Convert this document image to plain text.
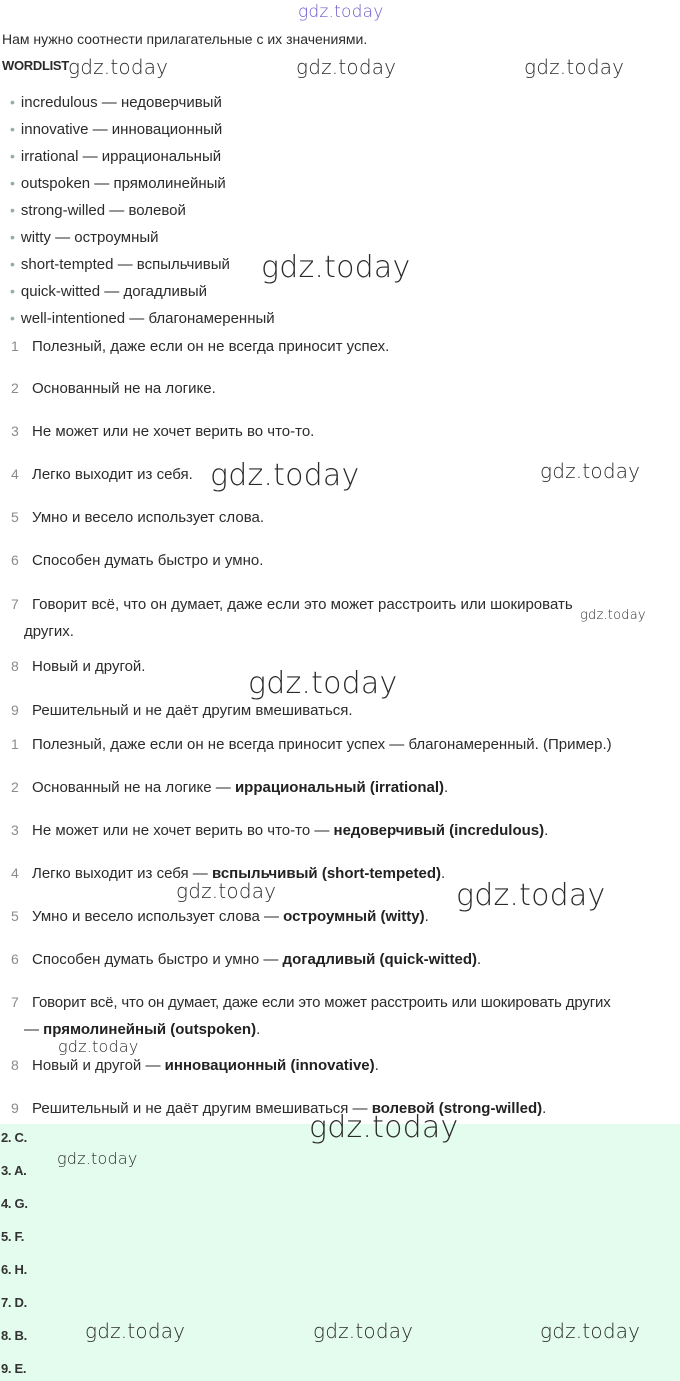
gdz.today
Нам нужно соотнести прилагательные с их значениями.
WORDLIST
• incredulous — недоверчивый
• innovative — инновационный
• irrational — иррациональный
• outspoken — прямолинейный
• strong-willed — волевой
• witty — остроумный
• short-tempted — вспыльчивый
• quick-witted — догадливый
• well-intentioned — благонамеренный
1 Полезный, даже если он не всегда приносит успех.
2 Основанный не на логике.
3 Не может или не хочет верить во что-то.
4 Легко выходит из себя.
5 Умно и весело использует слова.
6 Способен думать быстро и умно.
7 Говорит всё, что он думает, даже если это может расстроить или шокировать
других.
8 Новый и другой.
9 Решительный и не даёт другим вмешиваться.
1 Полезный, даже если он не всегда приносит успех — благонамеренный. (Пример.)
2 Основанный не на логике — иррациональный (irrational).
3 Не может или не хочет верить во что-то — недоверчивый (incredulous).
4 Легко выходит из себя — вспыльчивый (short-tempeted).
5 Умно и весело использует слова — остроумный (witty).
6 Способен думать быстро и умно — догадливый (quick-witted).
7 Говорит всё, что он думает, даже если это может расстроить или шокировать других
— прямолинейный (outspoken).
8 Новый и другой — инновационный (innovative).
9 Решительный и не даёт другим вмешиваться — волевой (strong-willed).
2. C.
3. A.
4. G.
5. F.
6. H.
7. D.
8. B.
9. E.
gdz.today	gdz.today	gdz.today
gdz.today
gdz.today	gdz.today
gdz.today
gdz.today
gdz.today	gdz.today
gdz.today
gdz.today
gdz.today
gdz.today	gdz.today	gdz.today
